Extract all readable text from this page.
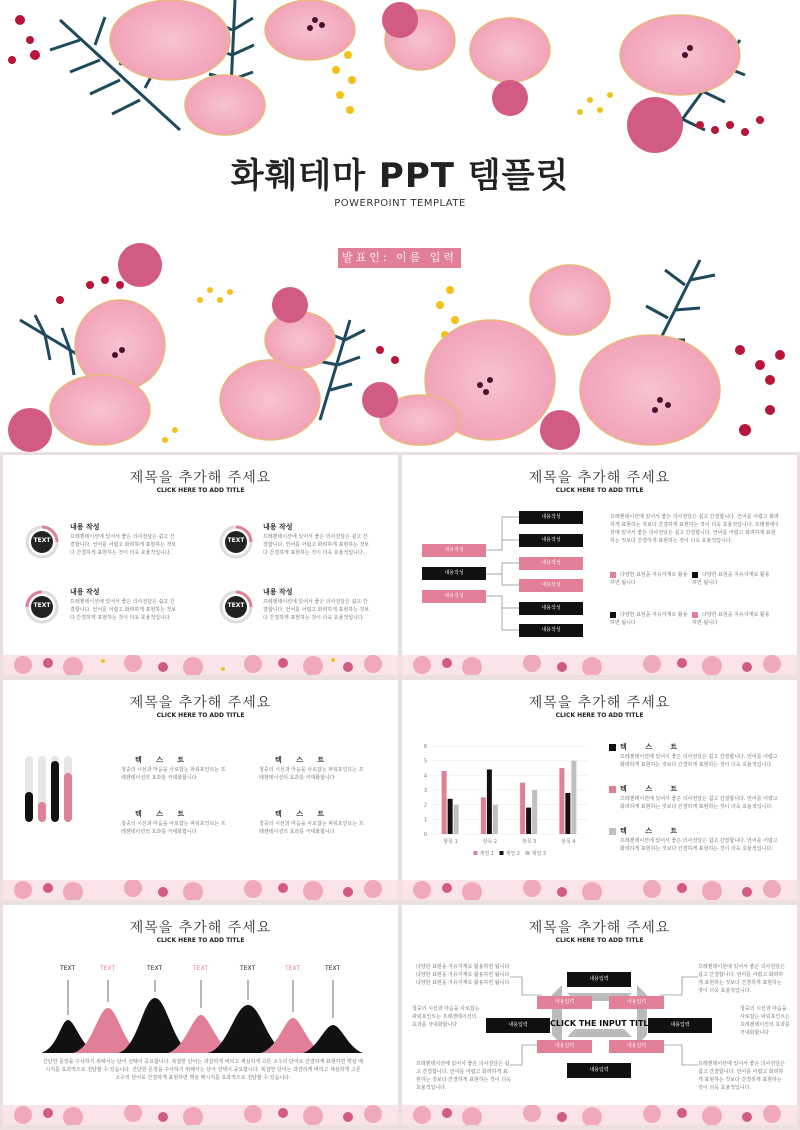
화훼테마 PPT 템플릿
POWERPOINT TEMPLATE
발표인: 이름 입력
제목을 추가해 주세요
CLICK HERE TO ADD TITLE
TEXT
내용 작성
프레젠테이션에 있어서 좋은 의사전달은 쉽고 간결합니다. 언어를 어렵고 화려하게 표현하는 것보다 간결하게 표현하는 것이 더욱 효율적입니다.
TEXT
내용 작성
프레젠테이션에 있어서 좋은 의사전달은 쉽고 간결합니다. 언어를 어렵고 화려하게 표현하는 것보다 간결하게 표현하는 것이 더욱 효율적입니다.
TEXT
내용 작성
프레젠테이션에 있어서 좋은 의사전달은 쉽고 간결합니다. 언어를 어렵고 화려하게 표현하는 것보다 간결하게 표현하는 것이 더욱 효율적입니다.
TEXT
내용 작성
프레젠테이션에 있어서 좋은 의사전달은 쉽고 간결합니다. 언어를 어렵고 화려하게 표현하는 것보다 간결하게 표현하는 것이 더욱 효율적입니다.
제목을 추가해 주세요
CLICK HERE TO ADD TITLE
내용작성
내용작성
내용작성
내용작성
내용작성
내용작성
내용작성
내용작성
내용작성
프레젠테이션에 있어서 좋은 의사전달은 쉽고 간결합니다. 언어를 어렵고 화려하게 표현하는 것보다 간결하게 표현하는 것이 더욱 효율적입니다. 프레젠테이션에 있어서 좋은 의사전달은 쉽고 간결합니다. 언어를 어렵고 화려하게 표현하는 것보다 간결하게 표현하는 것이 더욱 효율적입니다.
다양한 표현을 자유자재로 활용하면 됩니다
다양한 표현을 자유자재로 활용하면 됩니다
다양한 표현을 자유자재로 활용하면 됩니다
다양한 표현을 자유자재로 활용하면 됩니다
제목을 추가해 주세요
CLICK HERE TO ADD TITLE
텍 스 트
청중의 시선과 마음을 사로잡는 파워포인트는 프레젠테이션의 효과를 극대화합니다
텍 스 트
청중의 시선과 마음을 사로잡는 파워포인트는 프레젠테이션의 효과를 극대화합니다
텍 스 트
청중의 시선과 마음을 사로잡는 파워포인트는 프레젠테이션의 효과를 극대화합니다
텍 스 트
청중의 시선과 마음을 사로잡는 파워포인트는 프레젠테이션의 효과를 극대화합니다
제목을 추가해 주세요
CLICK HERE TO ADD TITLE
0
1
2
3
4
5
6
항목 1	항목 2	항목 3	항목 4
계열 1 계열 2 계열 3
텍 스 트
프레젠테이션에 있어서 좋은 의사전달은 쉽고 간결합니다. 언어를 어렵고 화려하게 표현하는 것보다 간결하게 표현하는 것이 더욱 효율적입니다.
텍 스 트
프레젠테이션에 있어서 좋은 의사전달은 쉽고 간결합니다. 언어를 어렵고 화려하게 표현하는 것보다 간결하게 표현하는 것이 더욱 효율적입니다.
텍 스 트
프레젠테이션에 있어서 좋은 의사전달은 쉽고 간결합니다. 언어를 어렵고 화려하게 표현하는 것보다 간결하게 표현하는 것이 더욱 효율적입니다.
제목을 추가해 주세요
CLICK HERE TO ADD TITLE
TEXT	TEXT	TEXT	TEXT	TEXT	TEXT	TEXT
간단한 문장을 구사하기 위해서는 단어 선택이 중요합니다. 복잡한 단어는 과감하게 버리고 세심하게 고른 소수의 단어로 간결하게 표현하면 핵심 메시지를 효과적으로 전달할 수 있습니다. 간단한 문장을 구사하기 위해서는 단어 선택이 중요합니다. 복잡한 단어는 과감하게 버리고 세심하게 고른 소수의 단어로 간결하게 표현하면 핵심 메시지를 효과적으로 전달할 수 있습니다.
제목을 추가해 주세요
CLICK HERE TO ADD TITLE
내용입력
내용입력	내용입력
내용입력	내용입력
내용입력	내용입력
내용입력
CLICK THE INPUT TITLE
다양한 표현을 자유자재로 활용하면 됩니다 다양한 표현을 자유자재로 활용하면 됩니다 다양한 표현을 자유자재로 활용하면 됩니다
프레젠테이션에 있어서 좋은 의사전달은 쉽고 간결합니다. 언어를 어렵고 화려하게 표현하는 것보다 간결하게 표현하는 것이 더욱 효율적입니다.
청중의 시선과 마음을 사로잡는 파워포인트는 프레젠테이션의 효과를 극대화합니다
청중의 시선과 마음을 사로잡는 파워포인트는 프레젠테이션의 효과를 극대화합니다
프레젠테이션에 있어서 좋은 의사전달은 쉽고 간결합니다. 언어를 어렵고 화려하게 표현하는 것보다 간결하게 표현하는 것이 더욱 효율적입니다.
프레젠테이션에 있어서 좋은 의사전달은 쉽고 간결합니다. 언어를 어렵고 화려하게 표현하는 것보다 간결하게 표현하는 것이 더욱 효율적입니다.
